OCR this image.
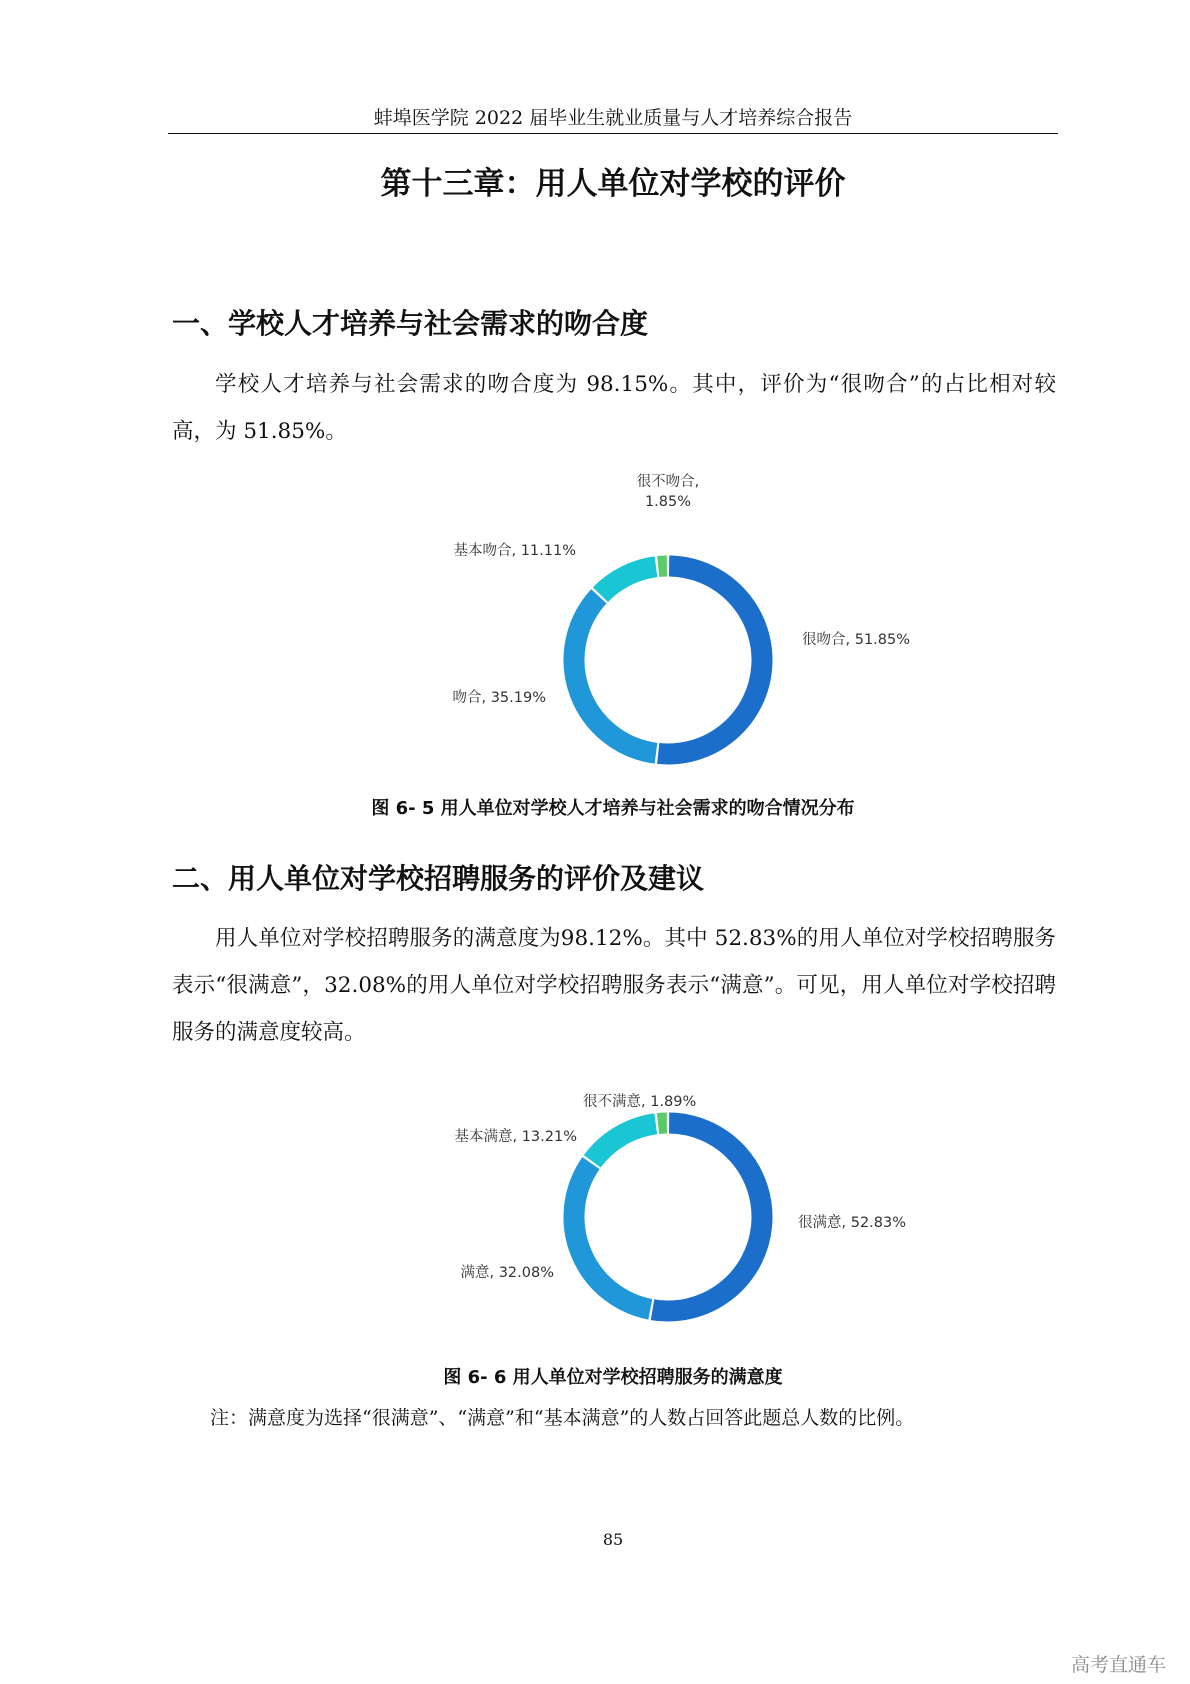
蚌埠医学院 2022 届毕业生就业质量与人才培养综合报告
第十三章：用人单位对学校的评价
一、学校人才培养与社会需求的吻合度
学校人才培养与社会需求的吻合度为 98.15%。其中，评价为“很吻合”的占比相对较高，为 51.85%。
很吻合, 51.85%
吻合, 35.19%
基本吻合, 11.11%
很不吻合, 1.85%
图 6- 5 用人单位对学校人才培养与社会需求的吻合情况分布
二、用人单位对学校招聘服务的评价及建议
用人单位对学校招聘服务的满意度为98.12%。其中 52.83%的用人单位对学校招聘服务表示“很满意”，32.08%的用人单位对学校招聘服务表示“满意”。可见，用人单位对学校招聘服务的满意度较高。
很满意, 52.83%
满意, 32.08%
基本满意, 13.21%
很不满意, 1.89%
图 6- 6 用人单位对学校招聘服务的满意度
注：满意度为选择“很满意”、“满意”和“基本满意”的人数占回答此题总人数的比例。
85
高考直通车
